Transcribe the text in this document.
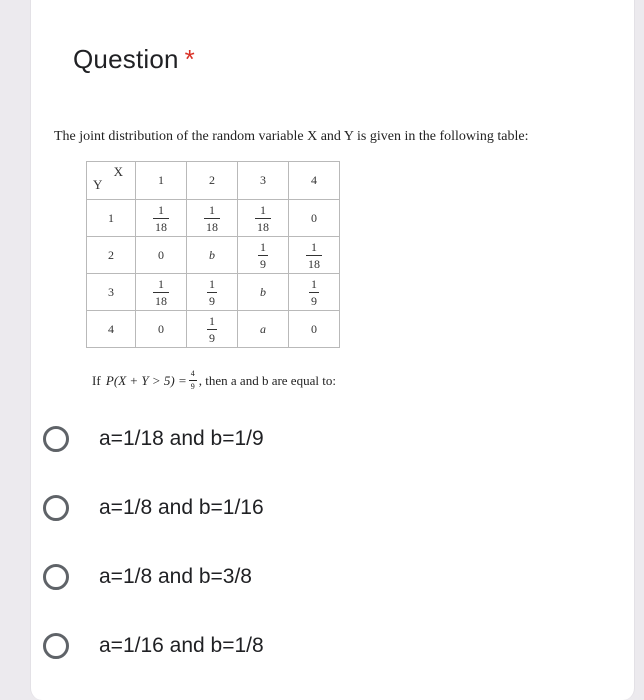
Question *
The joint distribution of the random variable X and Y is given in the following table:
X
Y	1	2	3	4
1	$\frac{1}{18}$	$\frac{1}{18}$	$\frac{1}{18}$	0
2	0	b	$\frac{1}{9}$	$\frac{1}{18}$

3	$\frac{1}{18}$	$\frac{1}{9}$	b	$\frac{1}{9}$

4	0	$\frac{1}{9}$	a	0
If $P(X + Y > 5) = \frac{4}{9}$ , then a and b are equal to:
a=1/18 and b=1/9
a=1/8 and b=1/16
a=1/8 and b=3/8
a=1/16 and b=1/8
